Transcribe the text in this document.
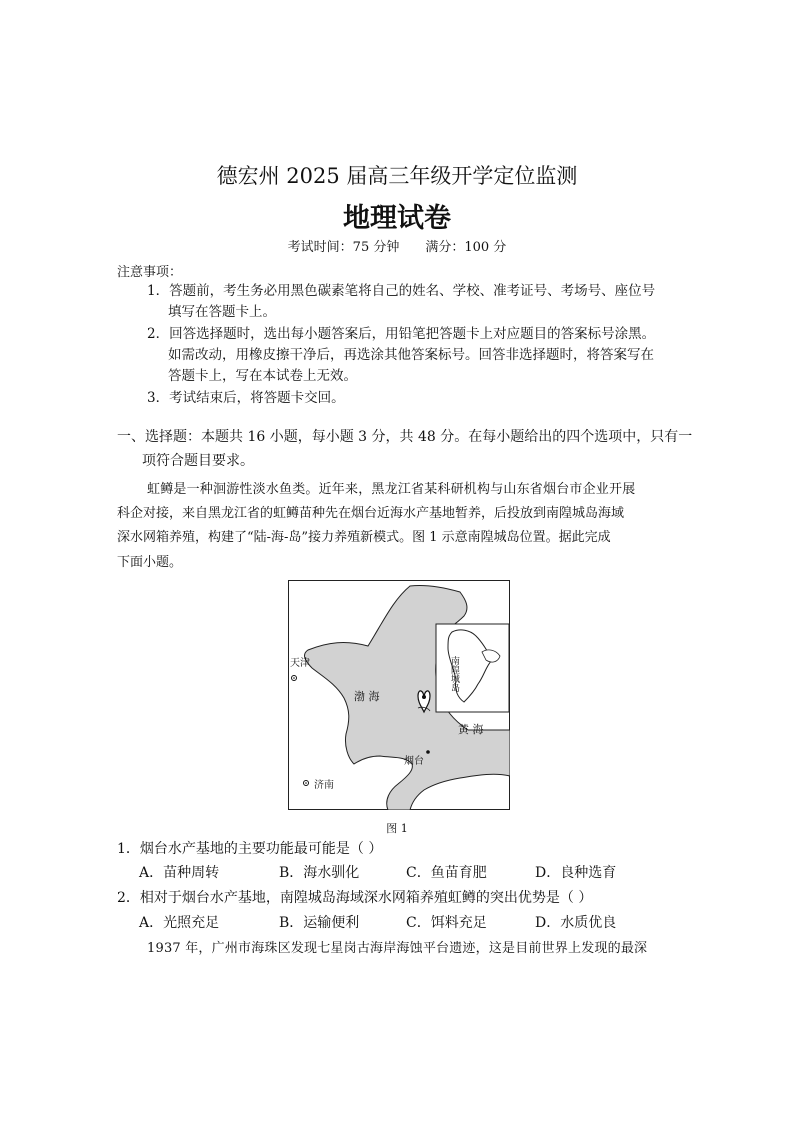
德宏州 2025 届高三年级开学定位监测
地理试卷
考试时间：75 分钟 满分：100 分
注意事项：
1．答题前，考生务必用黑色碳素笔将自己的姓名、学校、准考证号、考场号、座位号
填写在答题卡上。
2．回答选择题时，选出每小题答案后，用铅笔把答题卡上对应题目的答案标号涂黑。
如需改动，用橡皮擦干净后，再选涂其他答案标号。回答非选择题时，将答案写在
答题卡上，写在本试卷上无效。
3．考试结束后，将答题卡交回。
一、选择题：本题共 16 小题，每小题 3 分，共 48 分。在每小题给出的四个选项中，只有一
项符合题目要求。
虹鳟是一种洄游性淡水鱼类。近年来，黑龙江省某科研机构与山东省烟台市企业开展
科企对接，来自黑龙江省的虹鳟苗种先在烟台近海水产基地暂养，后投放到南隍城岛海域
深水网箱养殖，构建了“陆-海-岛”接力养殖新模式。图 1 示意南隍城岛位置。据此完成
下面小题。
天津
渤 海
黄 海
烟台
济南
南隍城岛
图 1
1．烟台水产基地的主要功能最可能是（ ）
A．苗种周转	B．海水驯化	C．鱼苗育肥	D．良种选育
2．相对于烟台水产基地，南隍城岛海域深水网箱养殖虹鳟的突出优势是（ ）
A．光照充足	B．运输便利	C．饵料充足	D．水质优良
1937 年，广州市海珠区发现七星岗古海岸海蚀平台遗迹，这是目前世界上发现的最深
